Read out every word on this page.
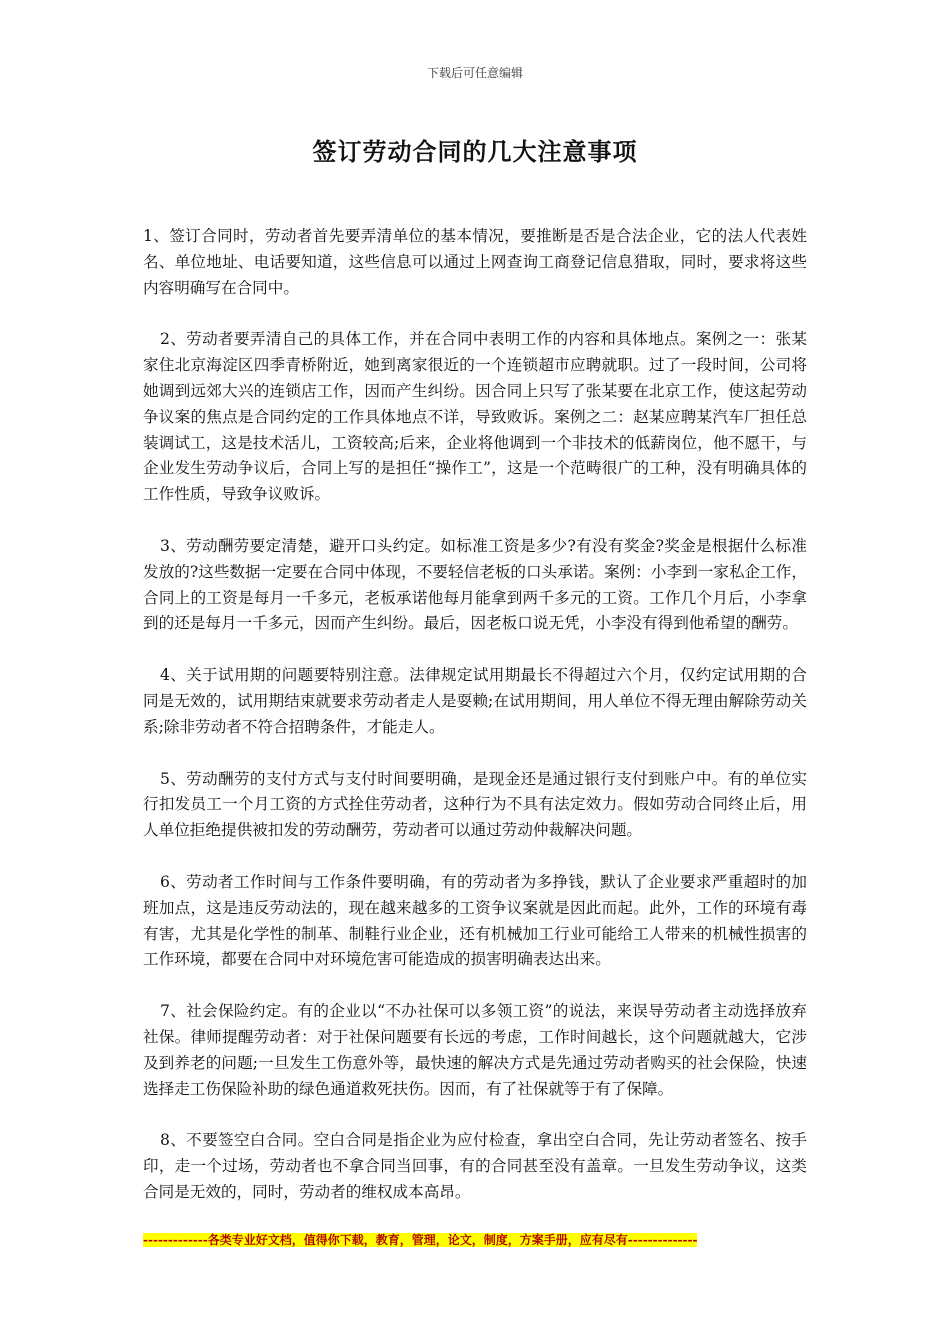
下载后可任意编辑
签订劳动合同的几大注意事项

1、签订合同时，劳动者首先要弄清单位的基本情况，要推断是否是合法企业，它的法人代表姓名、单位地址、电话要知道，这些信息可以通过上网查询工商登记信息猎取，同时，要求将这些内容明确写在合同中。

2、劳动者要弄清自己的具体工作，并在合同中表明工作的内容和具体地点。案例之一：张某家住北京海淀区四季青桥附近，她到离家很近的一个连锁超市应聘就职。过了一段时间，公司将她调到远郊大兴的连锁店工作，因而产生纠纷。因合同上只写了张某要在北京工作，使这起劳动争议案的焦点是合同约定的工作具体地点不详，导致败诉。案例之二：赵某应聘某汽车厂担任总装调试工，这是技术活儿，工资较高;后来，企业将他调到一个非技术的低薪岗位，他不愿干，与企业发生劳动争议后，合同上写的是担任“操作工”，这是一个范畴很广的工种，没有明确具体的工作性质，导致争议败诉。

3、劳动酬劳要定清楚，避开口头约定。如标准工资是多少?有没有奖金?奖金是根据什么标准发放的?这些数据一定要在合同中体现，不要轻信老板的口头承诺。案例：小李到一家私企工作，合同上的工资是每月一千多元，老板承诺他每月能拿到两千多元的工资。工作几个月后，小李拿到的还是每月一千多元，因而产生纠纷。最后，因老板口说无凭，小李没有得到他希望的酬劳。

4、关于试用期的问题要特别注意。法律规定试用期最长不得超过六个月，仅约定试用期的合同是无效的，试用期结束就要求劳动者走人是耍赖;在试用期间，用人单位不得无理由解除劳动关系;除非劳动者不符合招聘条件，才能走人。

5、劳动酬劳的支付方式与支付时间要明确，是现金还是通过银行支付到账户中。有的单位实行扣发员工一个月工资的方式拴住劳动者，这种行为不具有法定效力。假如劳动合同终止后，用人单位拒绝提供被扣发的劳动酬劳，劳动者可以通过劳动仲裁解决问题。

6、劳动者工作时间与工作条件要明确，有的劳动者为多挣钱，默认了企业要求严重超时的加班加点，这是违反劳动法的，现在越来越多的工资争议案就是因此而起。此外，工作的环境有毒有害，尤其是化学性的制革、制鞋行业企业，还有机械加工行业可能给工人带来的机械性损害的工作环境，都要在合同中对环境危害可能造成的损害明确表达出来。

7、社会保险约定。有的企业以“不办社保可以多领工资”的说法，来误导劳动者主动选择放弃社保。律师提醒劳动者：对于社保问题要有长远的考虑，工作时间越长，这个问题就越大，它涉及到养老的问题;一旦发生工伤意外等，最快速的解决方式是先通过劳动者购买的社会保险，快速选择走工伤保险补助的绿色通道救死扶伤。因而，有了社保就等于有了保障。

8、不要签空白合同。空白合同是指企业为应付检查，拿出空白合同，先让劳动者签名、按手印，走一个过场，劳动者也不拿合同当回事，有的合同甚至没有盖章。一旦发生劳动争议，这类合同是无效的，同时，劳动者的维权成本高昂。

-------------各类专业好文档，值得你下载，教育，管理，论文，制度，方案手册，应有尽有--------------
